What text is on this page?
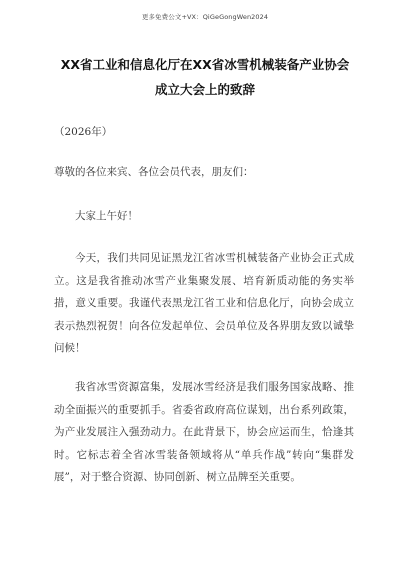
更多免费公文+VX：QiGeGongWen2024
XX省工业和信息化厅在XX省冰雪机械装备产业协会
成立大会上的致辞
（2026年）
尊敬的各位来宾、各位会员代表，朋友们：

大家上午好！

今天，我们共同见证黑龙江省冰雪机械装备产业协会正式成立。这是我省推动冰雪产业集聚发展、培育新质动能的务实举措，意义重要。我谨代表黑龙江省工业和信息化厅，向协会成立表示热烈祝贺！向各位发起单位、会员单位及各界朋友致以诚挚问候！

我省冰雪资源富集，发展冰雪经济是我们服务国家战略、推动全面振兴的重要抓手。省委省政府高位谋划，出台系列政策，为产业发展注入强劲动力。在此背景下，协会应运而生，恰逢其时。它标志着全省冰雪装备领域将从“单兵作战”转向“集群发展”，对于整合资源、协同创新、树立品牌至关重要。
